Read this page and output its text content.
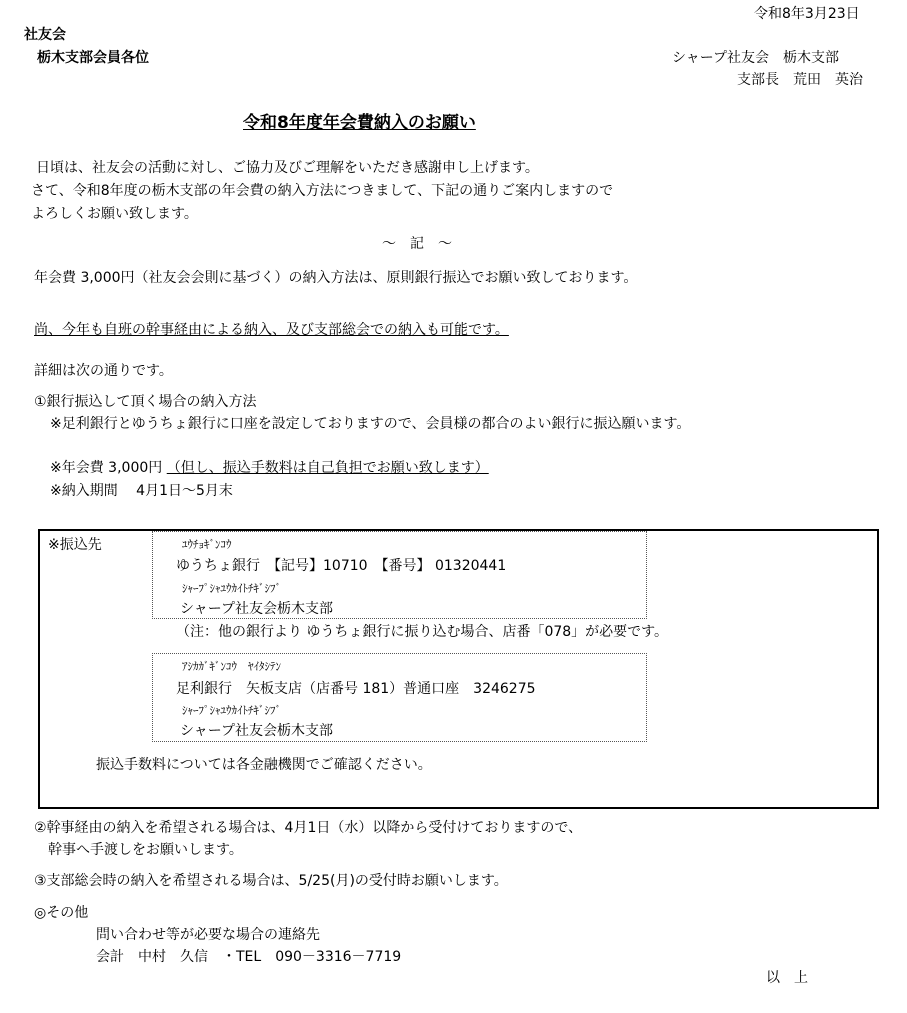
令和8年3月23日
社友会
栃木支部会員各位	シャープ社友会　栃木支部
支部長　荒田　英治
令和8年度年会費納入のお願い
日頃は、社友会の活動に対し、ご協力及びご理解をいただき感謝申し上げます。
さて、令和8年度の栃木支部の年会費の納入方法につきまして、下記の通りご案内しますので
よろしくお願い致します。
～　記　～
年会費 3,000円（社友会会則に基づく）の納入方法は、原則銀行振込でお願い致しております。
尚、今年も自班の幹事経由による納入、及び支部総会での納入も可能です。
詳細は次の通りです。
①銀行振込して頂く場合の納入方法
※足利銀行とゆうちょ銀行に口座を設定しておりますので、会員様の都合のよい銀行に振込願います。
※年会費 3,000円 （但し、振込手数料は自己負担でお願い致します）
※納入期間　 4月1日～5月末
※振込先	ﾕｳﾁｮｷﾞﾝｺｳ
ゆうちょ銀行　【記号】10710　【番号】 01320441
ｼｬｰﾌﾟｼｬﾕｳｶｲﾄﾁｷﾞｼﾌﾞ
シャープ社友会栃木支部
（注：他の銀行より ゆうちょ銀行に振り込む場合、店番「078」が必要です。
ｱｼｶｶﾞｷﾞﾝｺｳ　ﾔｲﾀｼﾃﾝ
足利銀行　矢板支店（店番号 181）普通口座　3246275
ｼｬｰﾌﾟｼｬﾕｳｶｲﾄﾁｷﾞｼﾌﾞ
シャープ社友会栃木支部
振込手数料については各金融機関でご確認ください。
②幹事経由の納入を希望される場合は、4月1日（水）以降から受付けておりますので、
　幹事へ手渡しをお願いします。
③支部総会時の納入を希望される場合は、5/25(月)の受付時お願いします。
◎その他
問い合わせ等が必要な場合の連絡先
会計　中村　久信　・TEL　090－3316－7719
以　上
